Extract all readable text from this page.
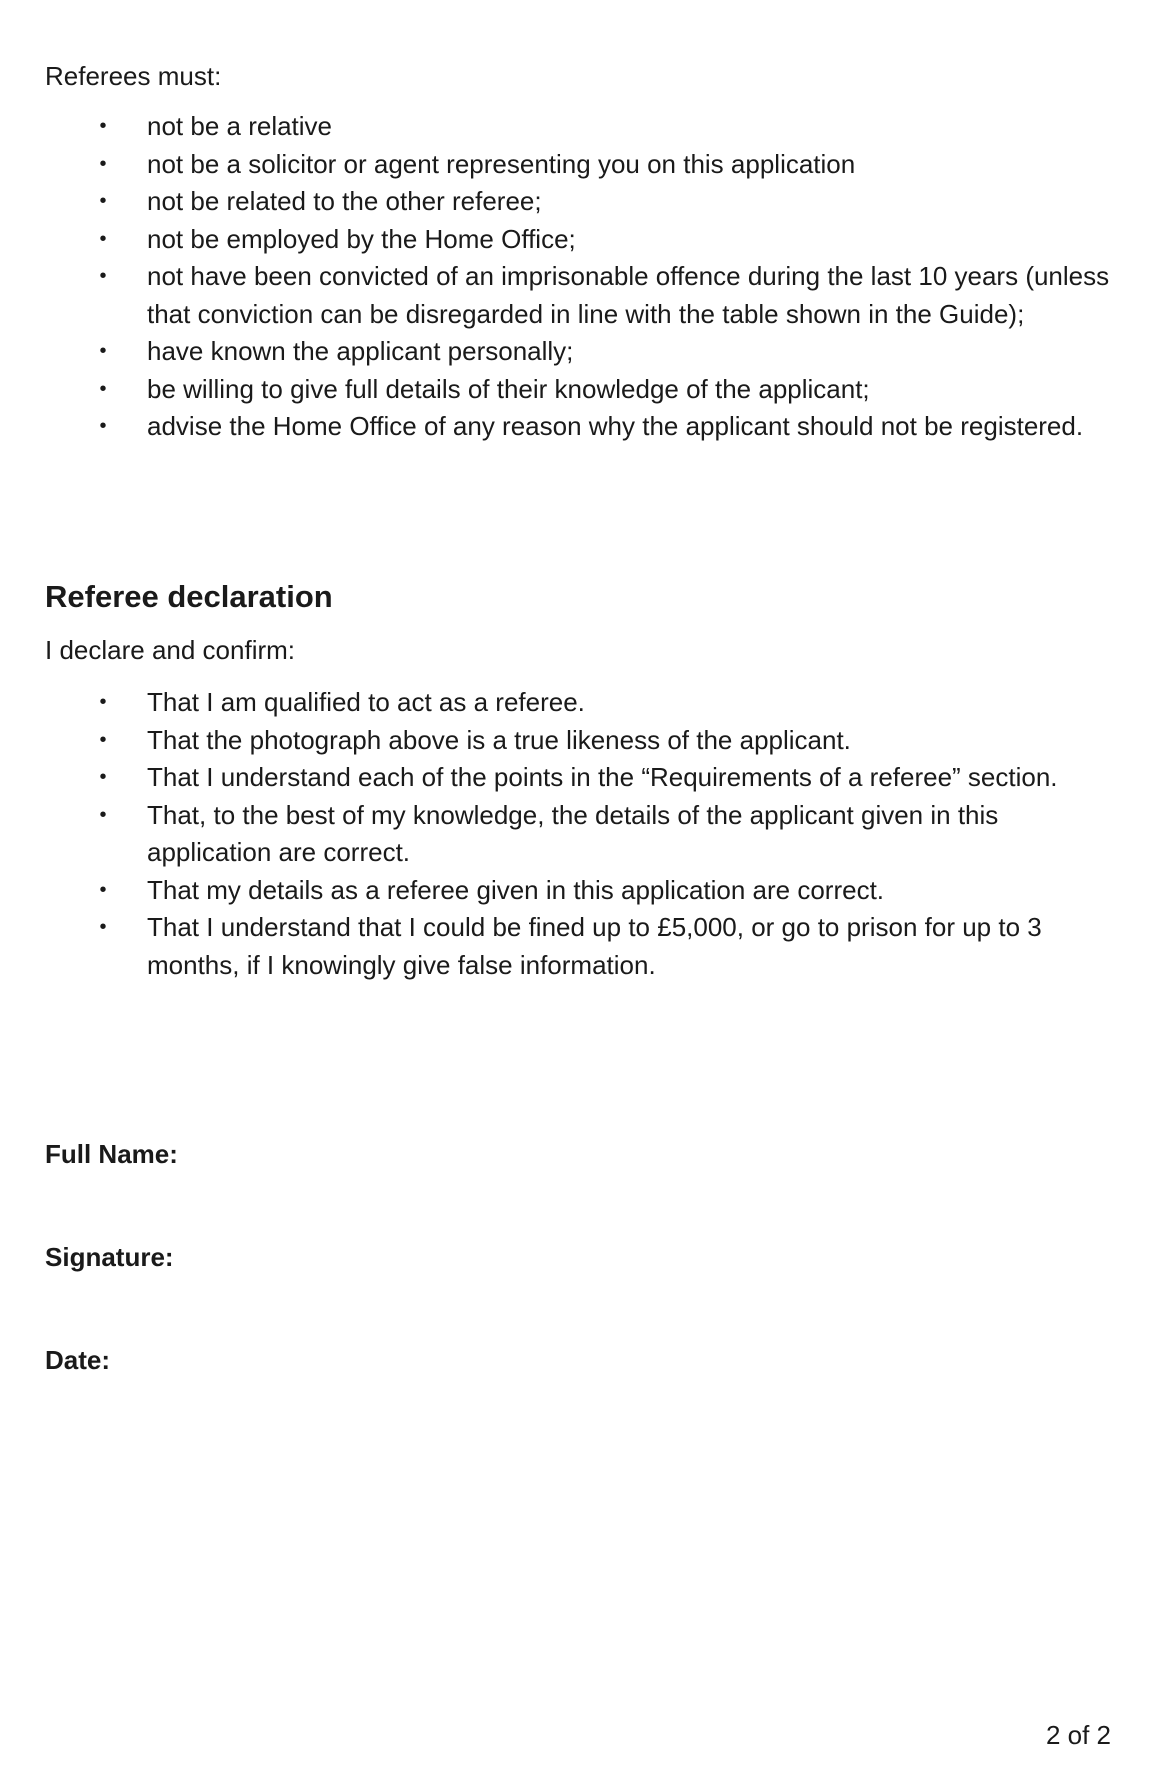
Referees must:

• not be a relative
• not be a solicitor or agent representing you on this application
• not be related to the other referee;
• not be employed by the Home Office;
• not have been convicted of an imprisonable offence during the last 10 years (unless that conviction can be disregarded in line with the table shown in the Guide);
• have known the applicant personally;
• be willing to give full details of their knowledge of the applicant;
• advise the Home Office of any reason why the applicant should not be registered.
Referee declaration

I declare and confirm:

• That I am qualified to act as a referee.
• That the photograph above is a true likeness of the applicant.
• That I understand each of the points in the “Requirements of a referee” section.
• That, to the best of my knowledge, the details of the applicant given in this application are correct.
• That my details as a referee given in this application are correct.
• That I understand that I could be fined up to £5,000, or go to prison for up to 3 months, if I knowingly give false information.

Full Name:

Signature:

Date:

2 of 2
